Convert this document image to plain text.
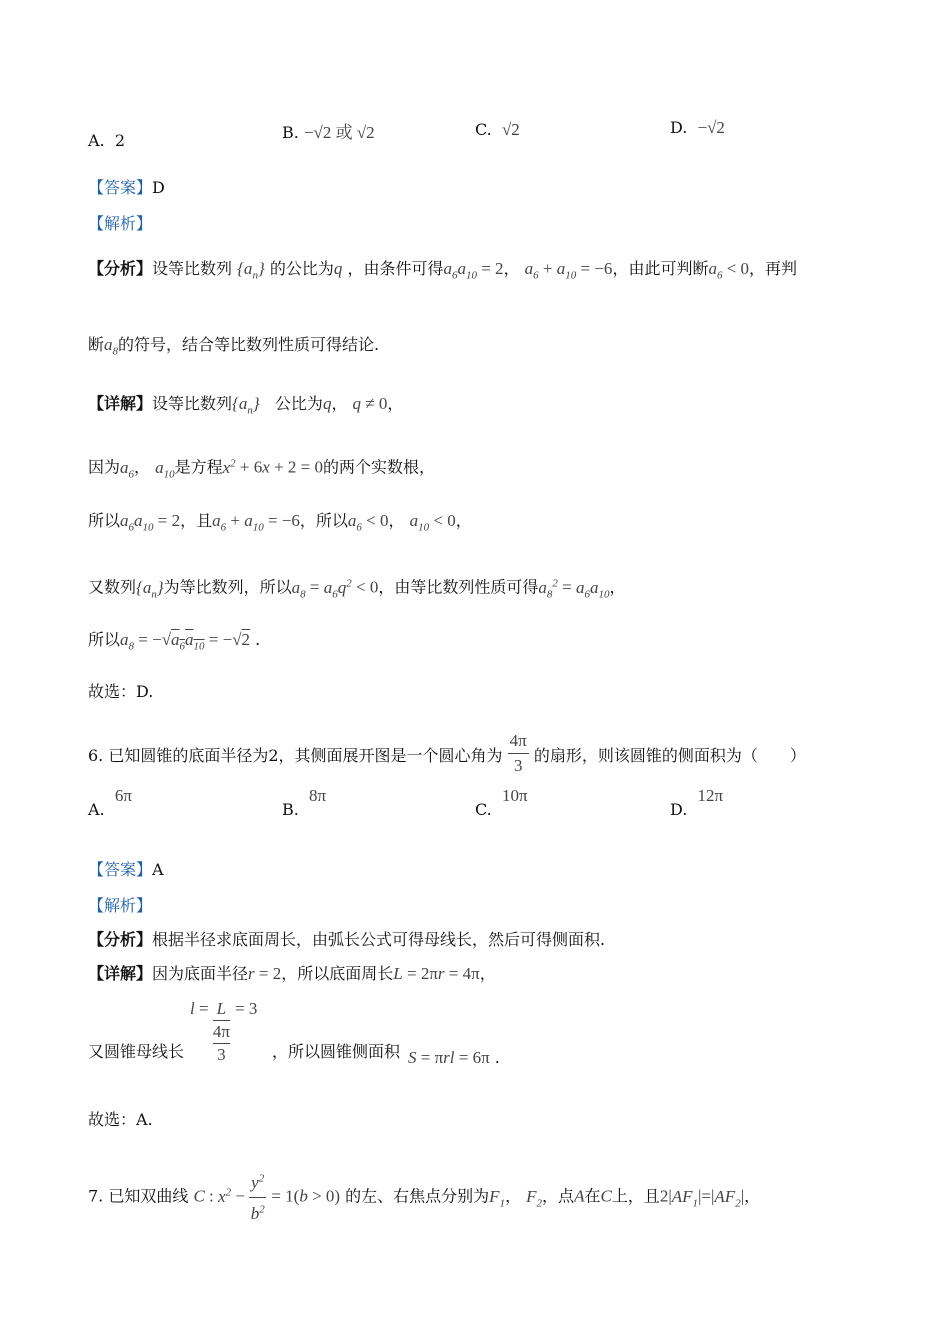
A. 2	B. −√2 或 √2	C. √2	D. −√2
【答案】D
【解析】
【分析】设等比数列 $\{a_n\}$ 的公比为q ，由条件可得$a_6a_{10} = 2$， $a_6 + a_{10} = -6$，由此可判断$a_6 < 0$，再判
断$a_8$的符号，结合等比数列性质可得结论.
【详解】设等比数列$\{a_n\}$ 公比为q， q ≠ 0，
因为$a_6$， $a_{10}$是方程$x^2 + 6x + 2 = 0$的两个实数根，
所以$a_6a_{10} = 2$，且$a_6 + a_{10} = -6$，所以$a_6 < 0$， $a_{10} < 0$，
又数列$\{a_n\}$为等比数列，所以$a_8 = a_6q^2 < 0$，由等比数列性质可得$a_8^2 = a_6a_{10}$，
所以$a_8 = -√a_6a_{10} = -√2$ .
故选：D.
6. 已知圆锥的底面半径为2，其侧面展开图是一个圆心角为 $\frac{4\pi}{3}$ 的扇形，则该圆锥的侧面积为（　　）
A.  6π
B.  8π
C.  10π
D.  12π
【答案】A
【解析】
【分析】根据半径求底面周长，由弧长公式可得母线长，然后可得侧面积.
【详解】因为底面半径r = 2，所以底面周长L = 2πr = 4π，
又圆锥母线长
l = L
4π
3
= 3
，所以圆锥侧面积 S = πrl = 6π .
故选：A.
7. 已知双曲线 C : $x^2 - \frac{y^2}{b^2} = 1(b > 0)$ 的左、右焦点分别为$F_1$， $F_2$，点A在C上，且$2|AF_1|=|AF_2|$，
